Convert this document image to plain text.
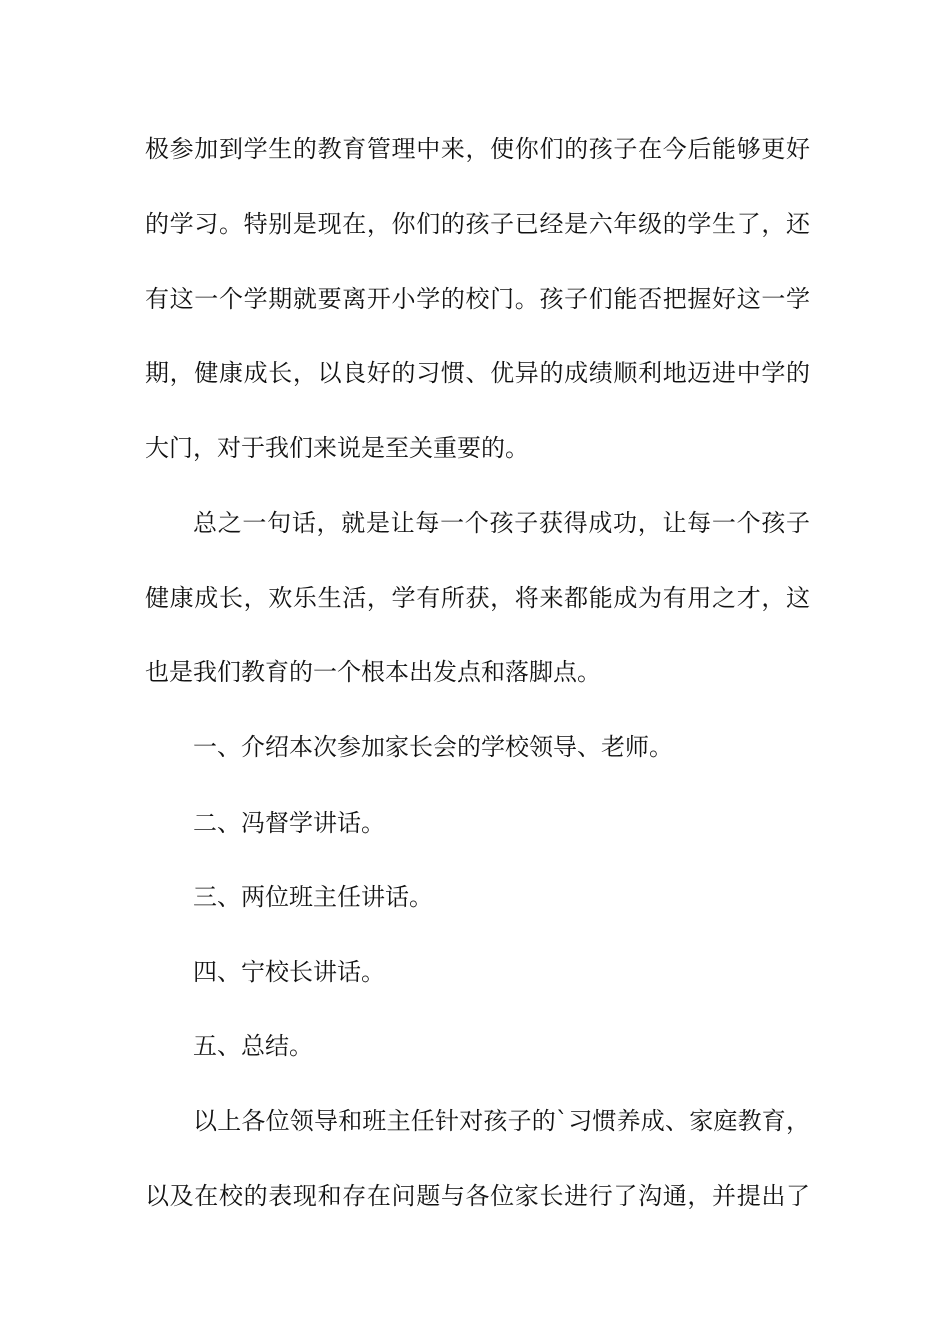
极参加到学生的教育管理中来，使你们的孩子在今后能够更好

的学习。特别是现在，你们的孩子已经是六年级的学生了，还

有这一个学期就要离开小学的校门。孩子们能否把握好这一学

期，健康成长，以良好的习惯、优异的成绩顺利地迈进中学的

大门，对于我们来说是至关重要的。

总之一句话，就是让每一个孩子获得成功，让每一个孩子

健康成长，欢乐生活，学有所获，将来都能成为有用之才，这

也是我们教育的一个根本出发点和落脚点。

一、介绍本次参加家长会的学校领导、老师。

二、冯督学讲话。

三、两位班主任讲话。

四、宁校长讲话。

五、总结。

以上各位领导和班主任针对孩子的`习惯养成、家庭教育，

以及在校的表现和存在问题与各位家长进行了沟通，并提出了
